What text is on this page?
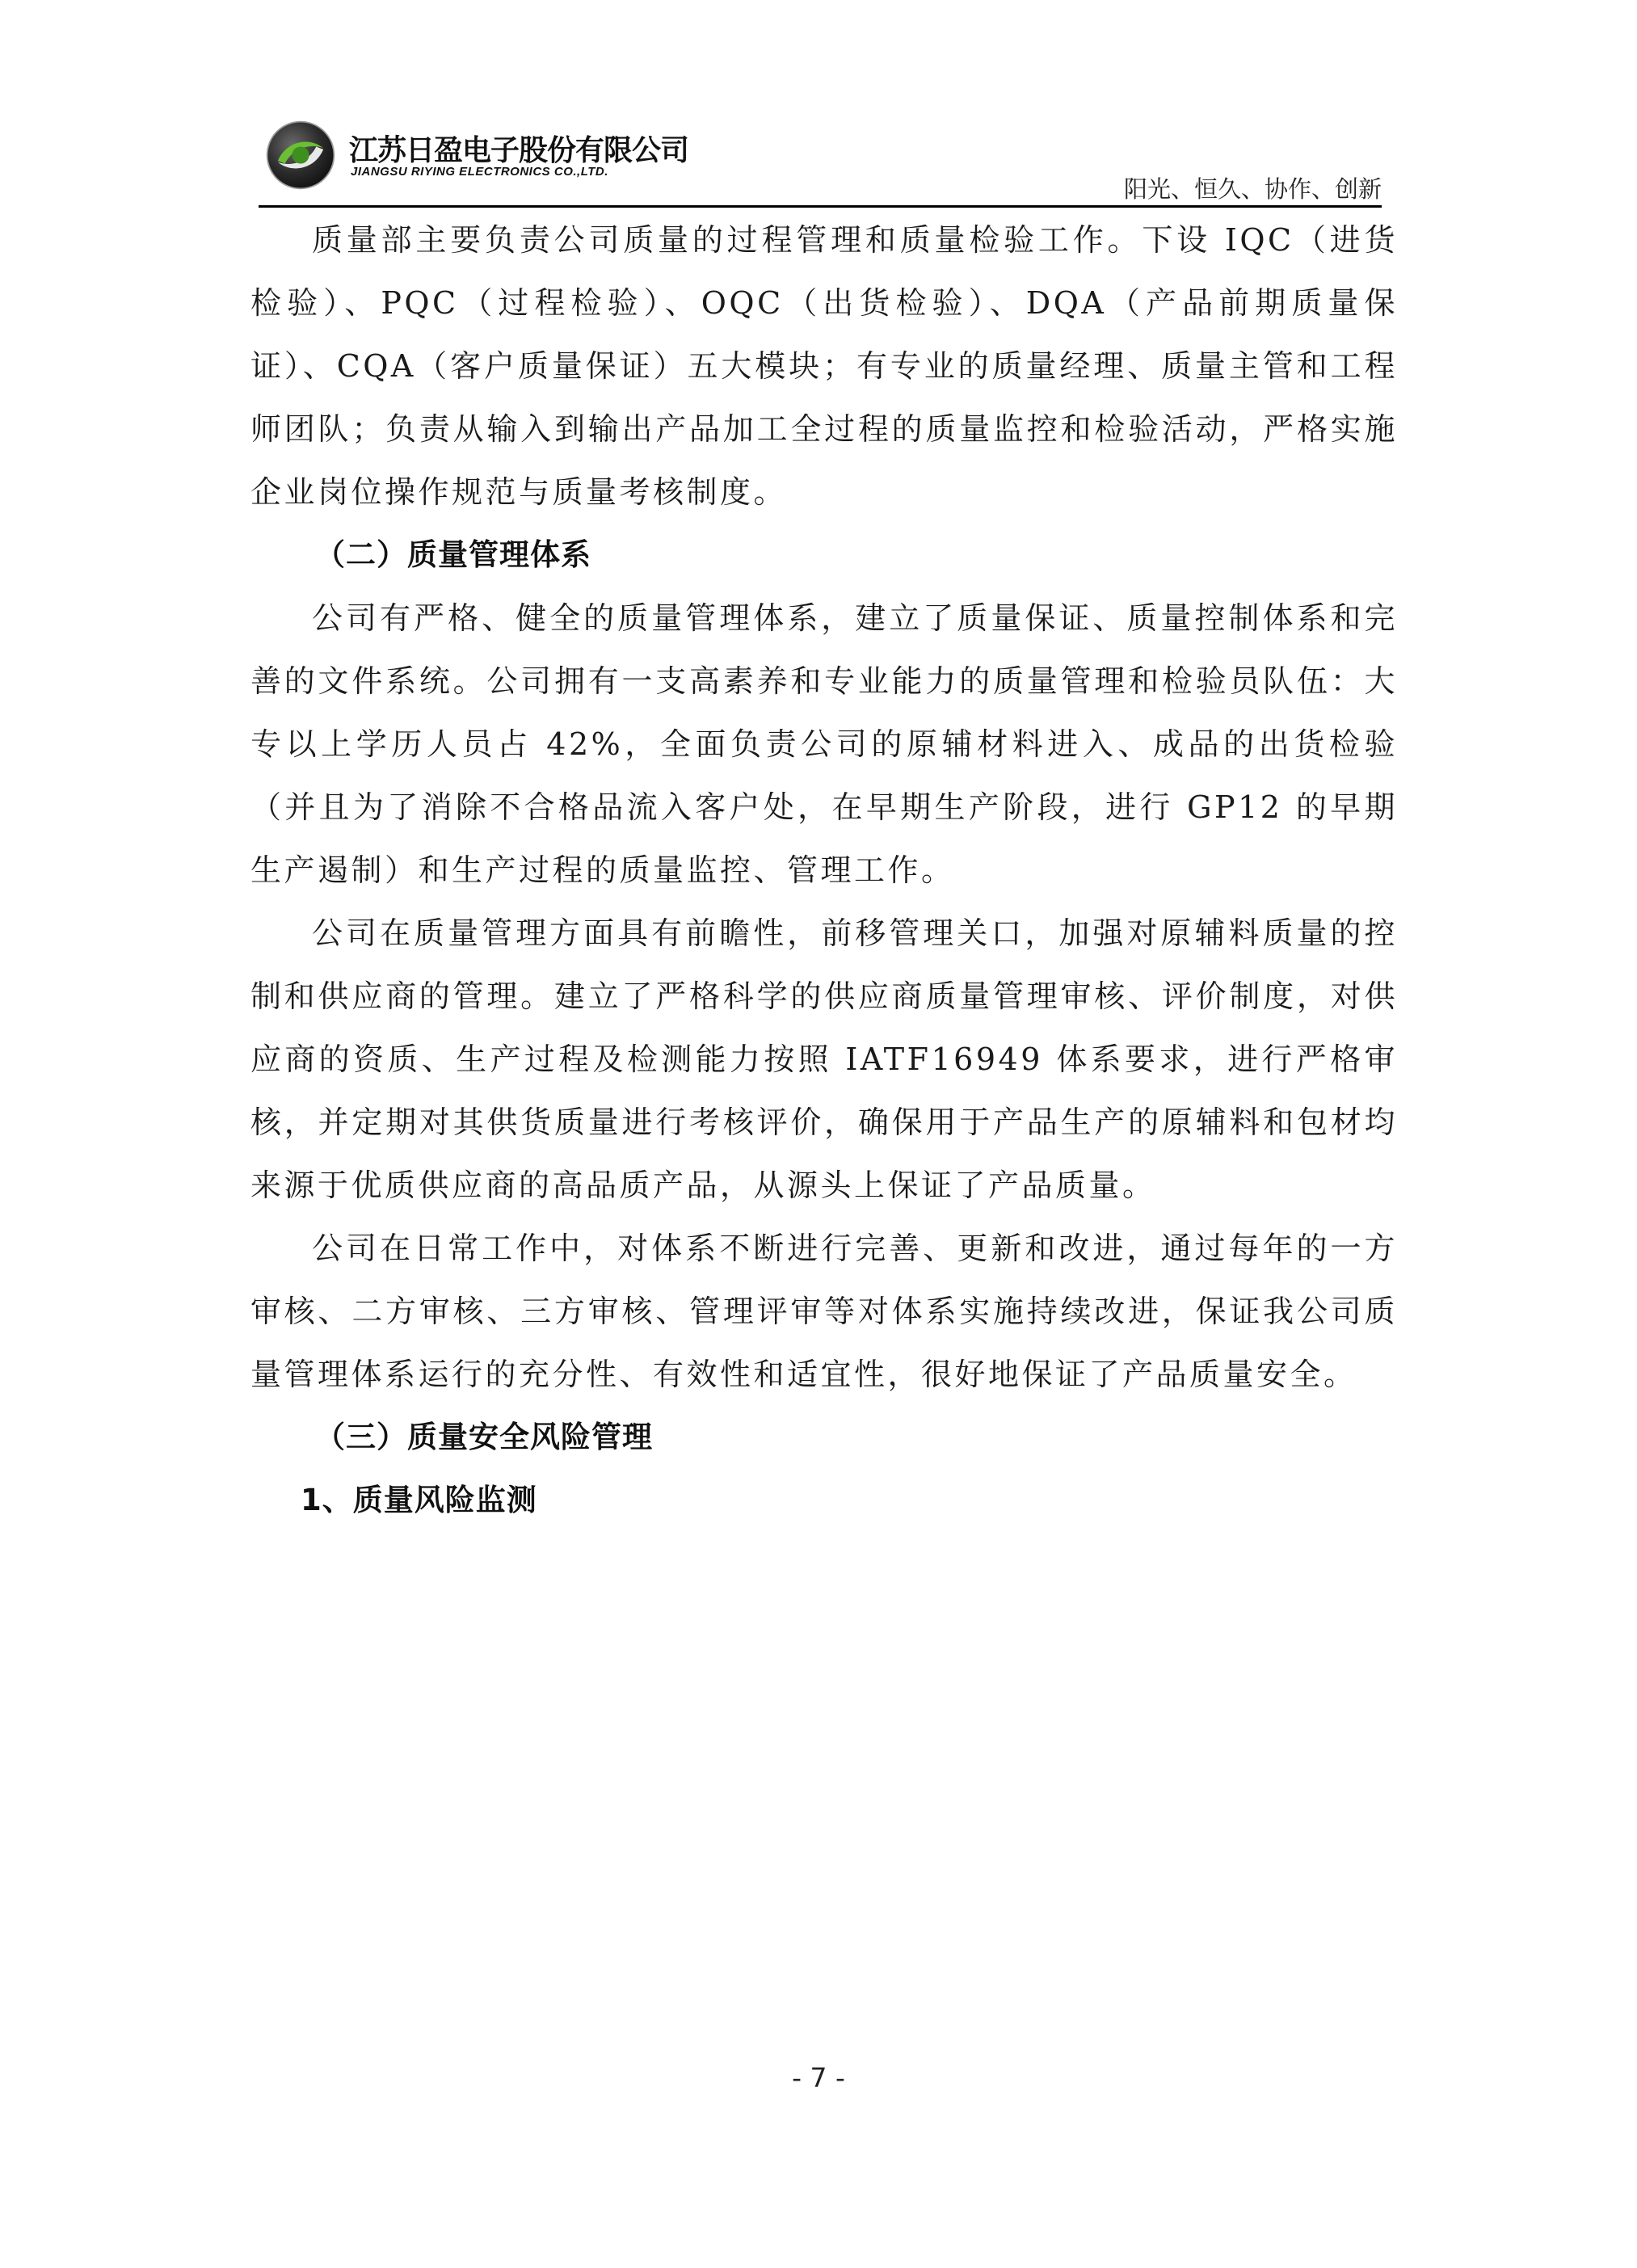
江苏日盈电子股份有限公司
JIANGSU RIYING ELECTRONICS CO.,LTD.
阳光、恒久、协作、创新

质量部主要负责公司质量的过程管理和质量检验工作。下设 IQC（进货检验）、PQC（过程检验）、OQC（出货检验）、DQA（产品前期质量保证）、CQA（客户质量保证）五大模块；有专业的质量经理、质量主管和工程师团队；负责从输入到输出产品加工全过程的质量监控和检验活动，严格实施企业岗位操作规范与质量考核制度。

（二）质量管理体系

公司有严格、健全的质量管理体系，建立了质量保证、质量控制体系和完善的文件系统。公司拥有一支高素养和专业能力的质量管理和检验员队伍：大专以上学历人员占 42%，全面负责公司的原辅材料进入、成品的出货检验（并且为了消除不合格品流入客户处，在早期生产阶段，进行 GP12 的早期生产遏制）和生产过程的质量监控、管理工作。

公司在质量管理方面具有前瞻性，前移管理关口，加强对原辅料质量的控制和供应商的管理。建立了严格科学的供应商质量管理审核、评价制度，对供应商的资质、生产过程及检测能力按照 IATF16949 体系要求，进行严格审核，并定期对其供货质量进行考核评价，确保用于产品生产的原辅料和包材均来源于优质供应商的高品质产品，从源头上保证了产品质量。

公司在日常工作中，对体系不断进行完善、更新和改进，通过每年的一方审核、二方审核、三方审核、管理评审等对体系实施持续改进，保证我公司质量管理体系运行的充分性、有效性和适宜性，很好地保证了产品质量安全。

（三）质量安全风险管理

1、质量风险监测

- 7 -
